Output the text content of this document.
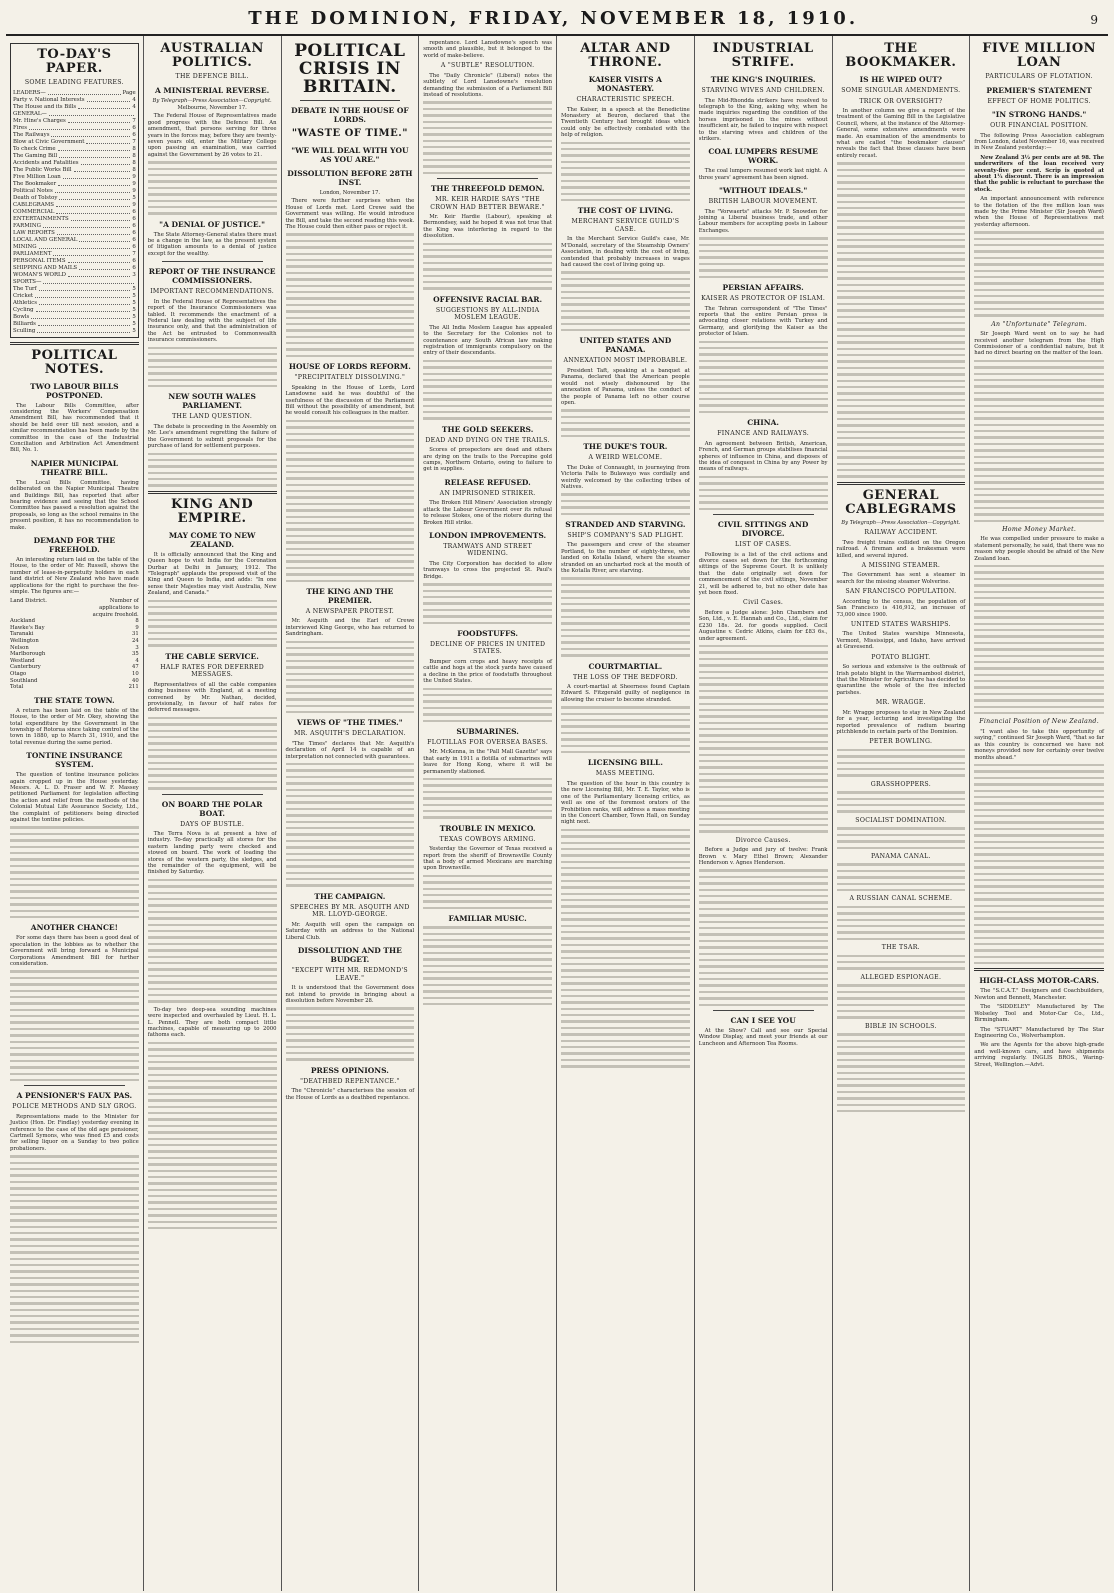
THE DOMINION, FRIDAY, NOVEMBER 18, 1910.	9
TO-DAY'S PAPER.
SOME LEADING FEATURES.
LEADERS—	Page
Party v. National Interests	4
The House and its Bills	4
GENERAL—
Mr. Hine's Charges	7
Fires	6
The Railways	6
Blow at Civic Government	7
To check Crime	8
The Gaming Bill	8
Accidents and Fatalities	8
The Public Works Bill	8
Five Million Loan	9
The Bookmaker	9
Political Notes	9
Death of Tolstoy	5
CABLEGRAMS	9
COMMERCIAL	6
ENTERTAINMENTS	6
FARMING	6
LAW REPORTS	6
LOCAL AND GENERAL	6
MINING	6
PARLIAMENT	7
PERSONAL ITEMS	6
SHIPPING AND MAILS	6
WOMAN'S WORLD	3
SPORTS—
The Turf	5
Cricket	5
Athletics	5
Cycling	5
Bowls	5
Billiards	5
Sculling	5
POLITICAL NOTES.
TWO LABOUR BILLS POSTPONED.

The Labour Bills Committee, after considering the Workers' Compensation Amendment Bill, has recommended that it should be held over till next session, and a similar recommendation has been made by the committee in the case of the Industrial Conciliation and Arbitration Act Amendment Bill, No. 1.

NAPIER MUNICIPAL THEATRE BILL.

The Local Bills Committee, having deliberated on the Napier Municipal Theatre and Buildings Bill, has reported that after hearing evidence and seeing that the School Committee has passed a resolution against the proposals, so long as the school remains in the present position, it has no recommendation to make.

DEMAND FOR THE FREEHOLD.

An interesting return laid on the table of the House, to the order of Mr. Russell, shows the number of lease-in-perpetuity holders in each land district of New Zealand who have made applications for the right to purchase the fee-simple. The figures are:—

Land District.	Number of applications to acquire freehold.
Auckland	8
Hawke's Bay	9
Taranaki	31
Wellington	24
Nelson	3
Marlborough	35
Westland	4
Canterbury	47
Otago	10
Southland	40
Total	211
THE STATE TOWN.

A return has been laid on the table of the House, to the order of Mr. Okey, showing the total expenditure by the Government in the township of Rotorua since taking control of the town in 1880, up to March 31, 1910, and the total revenue during the same period.

TONTINE INSURANCE SYSTEM.

The question of tontine insurance policies again cropped up in the House yesterday. Messrs. A. L. D. Fraser and W. F. Massey petitioned Parliament for legislation affecting the action and relief from the methods of the Colonial Mutual Life Assurance Society, Ltd., the complaint of petitioners being directed against the tontine policies.

ANOTHER CHANCE!

For some days there has been a good deal of speculation in the lobbies as to whether the Government will bring forward a Municipal Corporations Amendment Bill for further consideration.

A PENSIONER'S FAUX PAS.
POLICE METHODS AND SLY GROG.

Representations made to the Minister for Justice (Hon. Dr. Findlay) yesterday evening in reference to the case of the old age pensioner, Cartmell Symons, who was fined £5 and costs for selling liquor on a Sunday to two police probationers.

AUSTRALIAN POLITICS.
THE DEFENCE BILL.
A MINISTERIAL REVERSE.
By Telegraph—Press Association—Copyright.
Melbourne, November 17.

The Federal House of Representatives made good progress with the Defence Bill. An amendment, that persons serving for three years in the forces may, before they are twenty-seven years old, enter the Military College upon passing an examination, was carried against the Government by 26 votes to 21.

"A DENIAL OF JUSTICE."

The State Attorney-General states there must be a change in the law, as the present system of litigation amounts to a denial of justice except for the wealthy.

REPORT OF THE INSURANCE COMMISSIONERS.
IMPORTANT RECOMMENDATIONS.

In the Federal House of Representatives the report of the Insurance Commissioners was tabled. It recommends the enactment of a Federal law dealing with the subject of life insurance only, and that the administration of the Act be entrusted to Commonwealth insurance commissioners.

NEW SOUTH WALES PARLIAMENT.
THE LAND QUESTION.

The debate is proceeding in the Assembly on Mr. Lee's amendment regretting the failure of the Government to submit proposals for the purchase of land for settlement purposes.

KING AND EMPIRE.
MAY COME TO NEW ZEALAND.

It is officially announced that the King and Queen hope to visit India for the Coronation Durbar at Delhi in January, 1912. The "Telegraph" applauds the proposed visit of the King and Queen to India, and adds: "In one sense their Majesties may visit Australia, New Zealand, and Canada."

THE CABLE SERVICE.
HALF RATES FOR DEFERRED MESSAGES.

Representatives of all the cable companies doing business with England, at a meeting convened by Mr. Nathan, decided, provisionally, in favour of half rates for deferred messages.

ON BOARD THE POLAR BOAT.
DAYS OF BUSTLE.

The Terra Nova is at present a hive of industry. To-day practically all stores for the eastern landing party were checked and stowed on board. The work of loading the stores of the western party, the sledges, and the remainder of the equipment, will be finished by Saturday.

To-day two deep-sea sounding machines were inspected and overhauled by Lieut. H. L. L. Pennell. They are both compact little machines, capable of measuring up to 2000 fathoms each.

POLITICAL CRISIS IN BRITAIN.
DEBATE IN THE HOUSE OF LORDS.
"WASTE OF TIME."
"WE WILL DEAL WITH YOU AS YOU ARE."
DISSOLUTION BEFORE 28TH INST.
London, November 17.

There were further surprises when the House of Lords met. Lord Crewe said the Government was willing. He would introduce the Bill, and take the second reading this week. The House could then either pass or reject it.

HOUSE OF LORDS REFORM.
"PRECIPITATELY DISSOLVING."

Speaking in the House of Lords, Lord Lansdowne said he was doubtful of the usefulness of the discussion of the Parliament Bill without the possibility of amendment, but he would consult his colleagues in the matter.

THE KING AND THE PREMIER.
A NEWSPAPER PROTEST.

Mr. Asquith and the Earl of Crewe interviewed King George, who has returned to Sandringham.

VIEWS OF "THE TIMES."
MR. ASQUITH'S DECLARATION.

"The Times" declares that Mr. Asquith's declaration of April 14 is capable of an interpretation not connected with guarantees.

THE CAMPAIGN.
SPEECHES BY MR. ASQUITH AND MR. LLOYD-GEORGE.

Mr. Asquith will open the campaign on Saturday with an address to the National Liberal Club.

DISSOLUTION AND THE BUDGET.
"EXCEPT WITH MR. REDMOND'S LEAVE."

It is understood that the Government does not intend to provide in bringing about a dissolution before November 28.

PRESS OPINIONS.
"DEATHBED REPENTANCE."

The "Chronicle" characterises the session of the House of Lords as a deathbed repentance.

repentance. Lord Lansdowne's speech was smooth and plausible, but it belonged to the world of make-believe.

A "SUBTLE" RESOLUTION.

The "Daily Chronicle" (Liberal) notes the subtlety of Lord Lansdowne's resolution demanding the submission of a Parliament Bill instead of resolutions.

THE THREEFOLD DEMON.
MR. KEIR HARDIE SAYS "THE CROWN HAD BETTER BEWARE."

Mr. Keir Hardie (Labour), speaking at Bermondsey, said he hoped it was not true that the King was interfering in regard to the dissolution.

OFFENSIVE RACIAL BAR.
SUGGESTIONS BY ALL-INDIA MOSLEM LEAGUE.

The All India Moslem League has appealed to the Secretary for the Colonies not to countenance any South African law making registration of immigrants compulsory on the entry of their descendants.

THE GOLD SEEKERS.
DEAD AND DYING ON THE TRAILS.

Scores of prospectors are dead and others are dying on the trails to the Porcupine gold camps, Northern Ontario, owing to failure to get in supplies.

RELEASE REFUSED.
AN IMPRISONED STRIKER.

The Broken Hill Miners' Association strongly attack the Labour Government over its refusal to release Stokes, one of the rioters during the Broken Hill strike.

LONDON IMPROVEMENTS.
TRAMWAYS AND STREET WIDENING.

The City Corporation has decided to allow tramways to cross the projected St. Paul's Bridge.

FOODSTUFFS.
DECLINE OF PRICES IN UNITED STATES.

Bumper corn crops and heavy receipts of cattle and hogs at the stock yards have caused a decline in the price of foodstuffs throughout the United States.

SUBMARINES.
FLOTILLAS FOR OVERSEA BASES.

Mr. McKenna, in the "Pall Mall Gazette" says that early in 1911 a flotilla of submarines will leave for Hong Kong, where it will be permanently stationed.

TROUBLE IN MEXICO.
TEXAS COWBOYS ARMING.

Yesterday the Governor of Texas received a report from the sheriff of Brownsville County that a body of armed Mexicans are marching upon Brownsville.

FAMILIAR MUSIC.
ALTAR AND THRONE.
KAISER VISITS A MONASTERY.
CHARACTERISTIC SPEECH.

The Kaiser, in a speech at the Benedictine Monastery at Beuron, declared that the Twentieth Century had brought ideas which could only be effectively combated with the help of religion.

THE COST OF LIVING.
MERCHANT SERVICE GUILD'S CASE.

In the Merchant Service Guild's case, Mr. M'Donald, secretary of the Steamship Owners' Association, in dealing with the cost of living, contended that probably increases in wages had caused the cost of living going up.

UNITED STATES AND PANAMA.
ANNEXATION MOST IMPROBABLE.

President Taft, speaking at a banquet at Panama, declared that the American people would not wisely dishonoured by the annexation of Panama, unless the conduct of the people of Panama left no other course open.

THE DUKE'S TOUR.
A WEIRD WELCOME.

The Duke of Connaught, in journeying from Victoria Falls to Bulawayo was cordially and weirdly welcomed by the collecting tribes of Natives.

STRANDED AND STARVING.
SHIP'S COMPANY'S SAD PLIGHT.

The passengers and crew of the steamer Portland, to the number of eighty-three, who landed on Kotalla Island, where the steamer stranded on an uncharted rock at the mouth of the Kotalla River, are starving.

COURTMARTIAL.
THE LOSS OF THE BEDFORD.

A court-martial at Sheerness found Captain Edward S. Fitzgerald guilty of negligence in allowing the cruiser to become stranded.

LICENSING BILL.
MASS MEETING.

The question of the hour in this country is the new Licensing Bill, Mr. T. E. Taylor, who is one of the Parliamentary licensing critics, as well as one of the foremost orators of the Prohibition ranks, will address a mass meeting in the Concert Chamber, Town Hall, on Sunday night next.

INDUSTRIAL STRIFE.
THE KING'S INQUIRIES.
STARVING WIVES AND CHILDREN.

The Mid-Rhondda strikers have resolved to telegraph to the King, asking why, when he made inquiries regarding the condition of the horses imprisoned in the mines without insufficient air, he failed to inquire with respect to the starving wives and children of the strikers.

COAL LUMPERS RESUME WORK.

The coal lumpers resumed work last night. A three years' agreement has been signed.

"WITHOUT IDEALS."
BRITISH LABOUR MOVEMENT.

The "Vorwaerts" attacks Mr. P. Snowden for joining a Liberal business trade, and other Labour members for accepting posts in Labour Exchanges.

PERSIAN AFFAIRS.
KAISER AS PROTECTOR OF ISLAM.

The Tehran correspondent of "The Times" reports that the entire Persian press is advocating closer relations with Turkey and Germany, and glorifying the Kaiser as the protector of Islam.

CHINA.
FINANCE AND RAILWAYS.

An agreement between British, American, French, and German groups stabilises financial spheres of influence in China, and disposes of the idea of conquest in China by any Power by means of railways.

CIVIL SITTINGS AND DIVORCE.
LIST OF CASES.

Following is a list of the civil actions and divorce cases set down for the forthcoming sittings of the Supreme Court. It is unlikely that the date originally set down for commencement of the civil sittings, November 21, will be adhered to, but no other date has yet been fixed.

Civil Cases.

Before a Judge alone: John Chambers and Son, Ltd., v. E. Hannah and Co., Ltd., claim for £230 18s. 2d. for goods supplied. Cecil Augustine v. Cedric Atkins, claim for £83 6s., under agreement.

Divorce Causes.

Before a Judge and jury of twelve: Frank Brown v. Mary Ethel Brown; Alexander Henderson v. Agnes Henderson.

CAN I SEE YOU

At the Show? Call and see our Special Window Display, and meet your friends at our Luncheon and Afternoon Tea Rooms.

THE BOOKMAKER.
IS HE WIPED OUT?
SOME SINGULAR AMENDMENTS.
TRICK OR OVERSIGHT?

In another column we give a report of the treatment of the Gaming Bill in the Legislative Council, where, at the instance of the Attorney-General, some extensive amendments were made. An examination of the amendments to what are called "the bookmaker clauses" reveals the fact that these clauses have been entirely recast.

GENERAL CABLEGRAMS
By Telegraph—Press Association—Copyright.
RAILWAY ACCIDENT.

Two freight trains collided on the Oregon railroad. A fireman and a brakesman were killed, and several injured.

A MISSING STEAMER.

The Government has sent a steamer in search for the missing steamer Wolverine.

SAN FRANCISCO POPULATION.

According to the census, the population of San Francisco is 416,912, an increase of 73,000 since 1900.

UNITED STATES WARSHIPS.

The United States warships Minnesota, Vermont, Mississippi, and Idaho, have arrived at Gravesend.

POTATO BLIGHT.

So serious and extensive is the outbreak of Irish potato blight in the Warrnambool district, that the Minister for Agriculture has decided to quarantine the whole of the five infected parishes.

MR. WRAGGE.

Mr. Wragge proposes to stay in New Zealand for a year, lecturing and investigating the reported prevalence of radium bearing pitchblende in certain parts of the Dominion.

PETER BOWLING.
GRASSHOPPERS.
SOCIALIST DOMINATION.
PANAMA CANAL.
A RUSSIAN CANAL SCHEME.
THE TSAR.
ALLEGED ESPIONAGE.
BIBLE IN SCHOOLS.
FIVE MILLION LOAN
PARTICULARS OF FLOTATION.
PREMIER'S STATEMENT
EFFECT OF HOME POLITICS.
"IN STRONG HANDS."
OUR FINANCIAL POSITION.

The following Press Association cablegram from London, dated November 16, was received in New Zealand yesterday:—

New Zealand 3½ per cents are at 98. The underwriters of the loan received very seventy-five per cent. Scrip is quoted at about 1¼ discount. There is an impression that the public is reluctant to purchase the stock.

An important announcement with reference to the flotation of the five million loan was made by the Prime Minister (Sir Joseph Ward) when the House of Representatives met yesterday afternoon.

An "Unfortunate" Telegram.

Sir Joseph Ward went on to say he had received another telegram from the High Commissioner of a confidential nature, but it had no direct bearing on the matter of the loan.

Home Money Market.

He was compelled under pressure to make a statement personally, he said, that there was no reason why people should be afraid of the New Zealand loan.

Financial Position of New Zealand.

"I want also to take this opportunity of saying," continued Sir Joseph Ward, "that so far as this country is concerned we have not moneys provided now for certainly over twelve months ahead."

HIGH-CLASS MOTOR-CARS.

The "S.C.A.T." Designers and Coachbuilders, Newton and Bennett, Manchester.

The "SIDDELEY" Manufactured by The Wolseley Tool and Motor-Car Co., Ltd., Birmingham.

The "STUART" Manufactured by The Star Engineering Co., Wolverhampton.

We are the Agents for the above high-grade and well-known cars, and have shipments arriving regularly. INGLIS BROS., Waring-Street, Wellington.—Advt.
